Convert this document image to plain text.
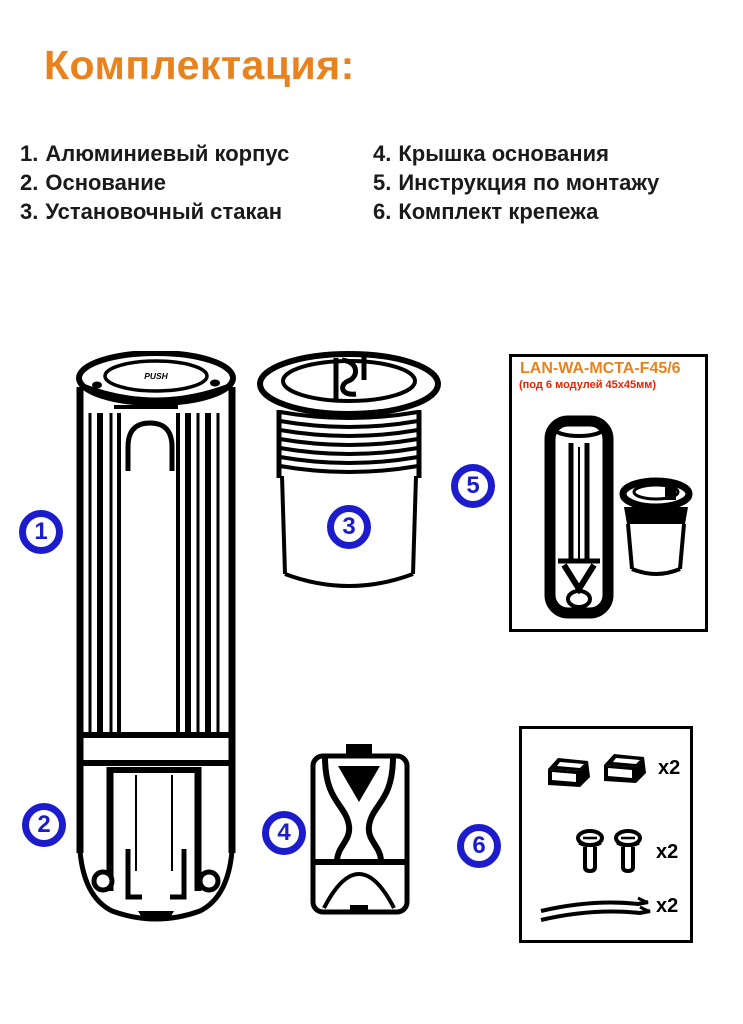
Комплектация:
1. Алюминиевый корпус
2. Основание
3. Установочный стакан
4. Крышка основания
5. Инструкция по монтажу
6. Комплект крепежа
PUSH	LAN-WA-MCTA-F45/6
(под 6 модулей 45х45мм)
x2
x2
x2
1
2
3
4
5
6
